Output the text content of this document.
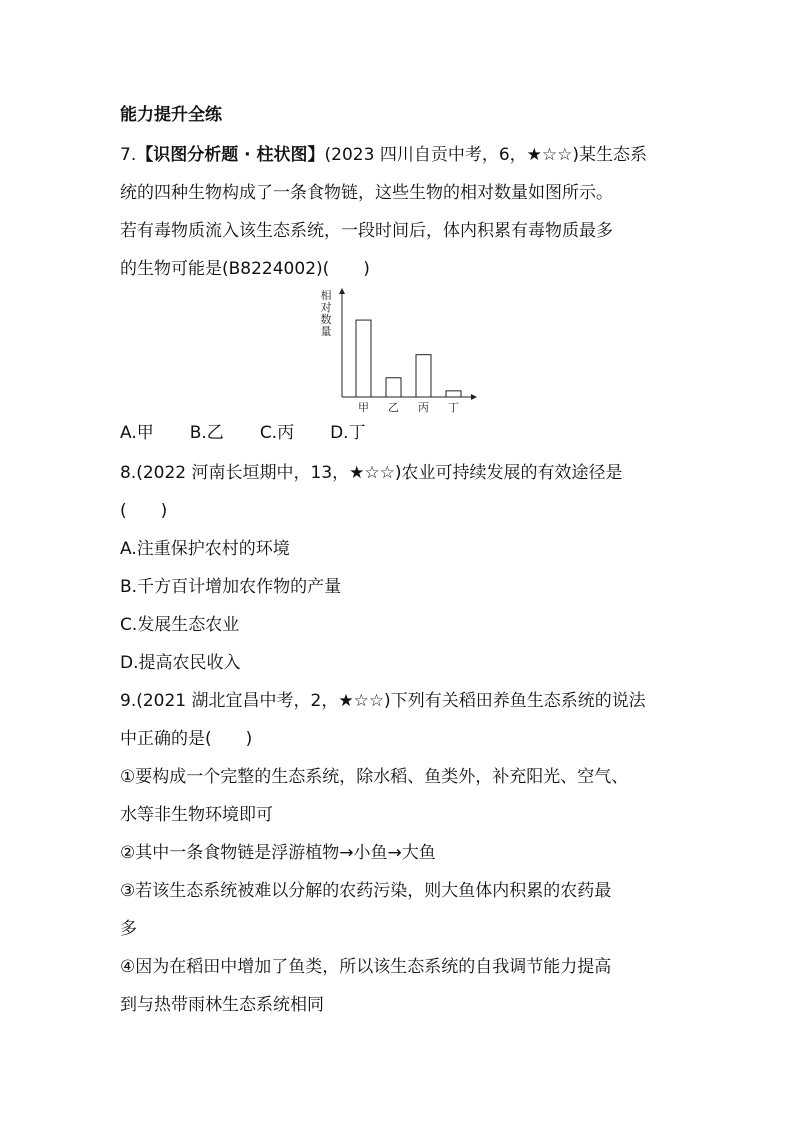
能力提升全练
7.【识图分析题 · 柱状图】(2023 四川自贡中考，6，★☆☆)某生态系
统的四种生物构成了一条食物链，这些生物的相对数量如图所示。
若有毒物质流入该生态系统，一段时间后，体内积累有毒物质最多
的生物可能是(B8224002)(　　)
相
对
数
量
甲 乙 丙 丁
A.甲 B.乙 C.丙 D.丁
8.(2022 河南长垣期中，13，★☆☆)农业可持续发展的有效途径是
(　　)
A.注重保护农村的环境
B.千方百计增加农作物的产量
C.发展生态农业
D.提高农民收入
9.(2021 湖北宜昌中考，2，★☆☆)下列有关稻田养鱼生态系统的说法
中正确的是(　　)
①要构成一个完整的生态系统，除水稻、鱼类外，补充阳光、空气、
水等非生物环境即可
②其中一条食物链是浮游植物→小鱼→大鱼
③若该生态系统被难以分解的农药污染，则大鱼体内积累的农药最
多
④因为在稻田中增加了鱼类，所以该生态系统的自我调节能力提高
到与热带雨林生态系统相同
